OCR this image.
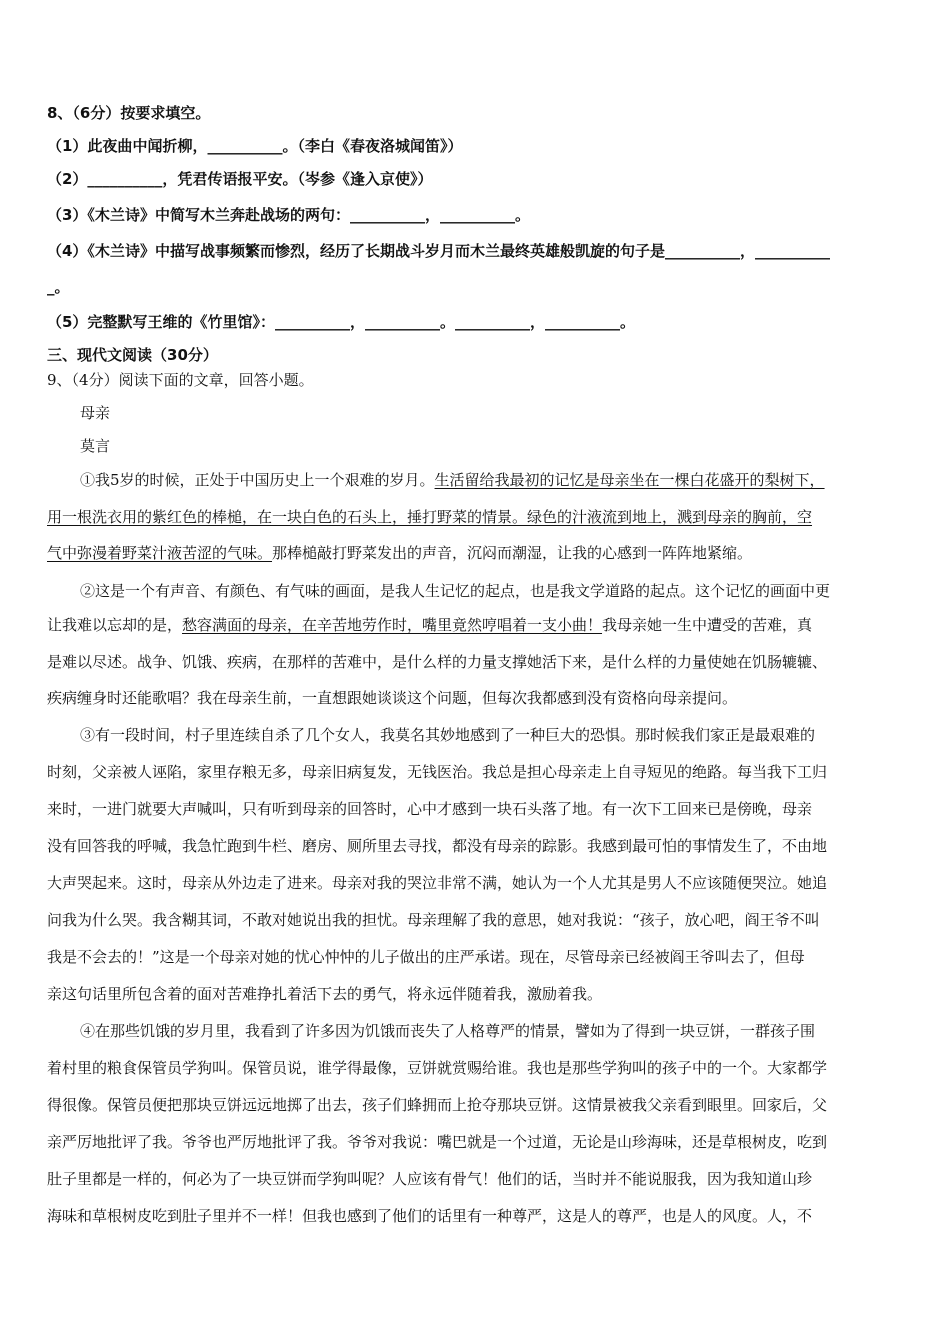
8、（6分）按要求填空。
（1）此夜曲中闻折柳，__________。（李白《春夜洛城闻笛》）
（2）__________，凭君传语报平安。（岑参《逢入京使》）
（3）《木兰诗》中简写木兰奔赴战场的两句：__________，__________。
（4）《木兰诗》中描写战事频繁而惨烈，经历了长期战斗岁月而木兰最终英雄般凯旋的句子是__________，__________
_。
（5）完整默写王维的《竹里馆》：__________，__________。__________，__________。
三、现代文阅读（30分）
9、（4分）阅读下面的文章，回答小题。
母亲
莫言
①我5岁的时候，正处于中国历史上一个艰难的岁月。生活留给我最初的记忆是母亲坐在一棵白花盛开的梨树下，
用一根洗衣用的紫红色的棒槌，在一块白色的石头上，捶打野菜的情景。绿色的汁液流到地上，溅到母亲的胸前，空
气中弥漫着野菜汁液苦涩的气味。那棒槌敲打野菜发出的声音，沉闷而潮湿，让我的心感到一阵阵地紧缩。
②这是一个有声音、有颜色、有气味的画面，是我人生记忆的起点，也是我文学道路的起点。这个记忆的画面中更
让我难以忘却的是，愁容满面的母亲，在辛苦地劳作时，嘴里竟然哼唱着一支小曲！我母亲她一生中遭受的苦难，真
是难以尽述。战争、饥饿、疾病，在那样的苦难中，是什么样的力量支撑她活下来，是什么样的力量使她在饥肠辘辘、
疾病缠身时还能歌唱？我在母亲生前，一直想跟她谈谈这个问题，但每次我都感到没有资格向母亲提问。
③有一段时间，村子里连续自杀了几个女人，我莫名其妙地感到了一种巨大的恐惧。那时候我们家正是最艰难的
时刻，父亲被人诬陷，家里存粮无多，母亲旧病复发，无钱医治。我总是担心母亲走上自寻短见的绝路。每当我下工归
来时，一进门就要大声喊叫，只有听到母亲的回答时，心中才感到一块石头落了地。有一次下工回来已是傍晚，母亲
没有回答我的呼喊，我急忙跑到牛栏、磨房、厕所里去寻找，都没有母亲的踪影。我感到最可怕的事情发生了，不由地
大声哭起来。这时，母亲从外边走了进来。母亲对我的哭泣非常不满，她认为一个人尤其是男人不应该随便哭泣。她追
问我为什么哭。我含糊其词，不敢对她说出我的担忧。母亲理解了我的意思，她对我说：“孩子，放心吧，阎王爷不叫
我是不会去的！”这是一个母亲对她的忧心忡忡的儿子做出的庄严承诺。现在，尽管母亲已经被阎王爷叫去了，但母
亲这句话里所包含着的面对苦难挣扎着活下去的勇气，将永远伴随着我，激励着我。
④在那些饥饿的岁月里，我看到了许多因为饥饿而丧失了人格尊严的情景，譬如为了得到一块豆饼，一群孩子围
着村里的粮食保管员学狗叫。保管员说，谁学得最像，豆饼就赏赐给谁。我也是那些学狗叫的孩子中的一个。大家都学
得很像。保管员便把那块豆饼远远地掷了出去，孩子们蜂拥而上抢夺那块豆饼。这情景被我父亲看到眼里。回家后，父
亲严厉地批评了我。爷爷也严厉地批评了我。爷爷对我说：嘴巴就是一个过道，无论是山珍海味，还是草根树皮，吃到
肚子里都是一样的，何必为了一块豆饼而学狗叫呢？人应该有骨气！他们的话，当时并不能说服我，因为我知道山珍
海味和草根树皮吃到肚子里并不一样！但我也感到了他们的话里有一种尊严，这是人的尊严，也是人的风度。人，不
